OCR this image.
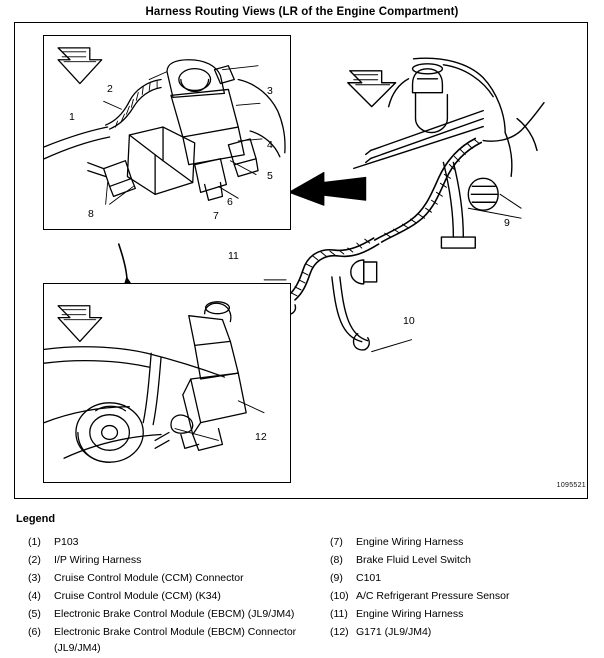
Harness Routing Views (LR of the Engine Compartment)
1
2	3
4
5
6
7
8
9
10
11
12
1095521
Legend
(1)	P103
(2)	I/P Wiring Harness
(3)	Cruise Control Module (CCM) Connector
(4)	Cruise Control Module (CCM) (K34)
(5)	Electronic Brake Control Module (EBCM) (JL9/JM4)
(6)	Electronic Brake Control Module (EBCM) Connector (JL9/JM4)
(7)	Engine Wiring Harness
(8)	Brake Fluid Level Switch
(9)	C101
(10) A/C Refrigerant Pressure Sensor
(11) Engine Wiring Harness
(12) G171 (JL9/JM4)
